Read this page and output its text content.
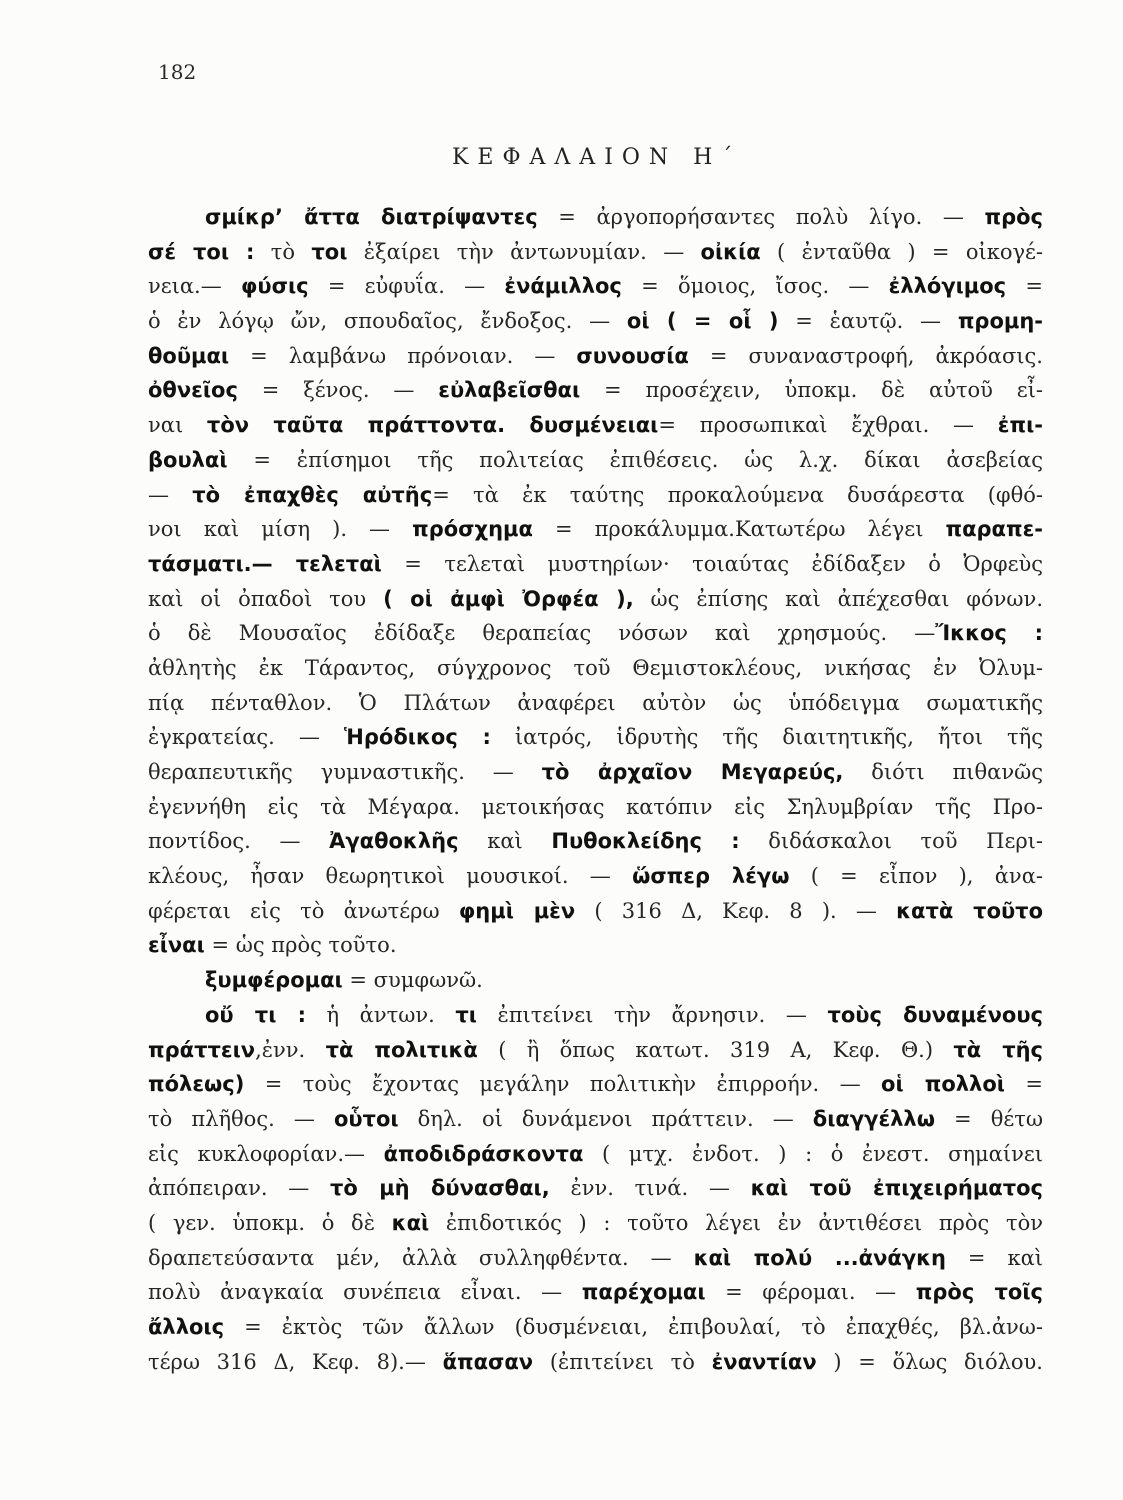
182
ΚΕΦΑΛΑΙΟΝ Η΄
σμίκρ’ ἄττα διατρίψαντες = ἀργοπορήσαντες πολὺ λίγο. — πρὸς
σέ τοι : τὸ τοι ἐξαίρει τὴν ἀντωνυμίαν. — οἰκία ( ἐνταῦθα ) = οἰκογέ-
νεια.— φύσις = εὐφυΐα. — ἐνάμιλλος = ὅμοιος, ἴσος. — ἐλλόγιμος =
ὁ ἐν λόγῳ ὤν, σπουδαῖος, ἔνδοξος. — οἱ ( = οἷ ) = ἑαυτῷ. — προμη-
θοῦμαι = λαμβάνω πρόνοιαν. — συνουσία = συναναστροφή, ἀκρόασις.
ὀθνεῖος = ξένος. — εὐλαβεῖσθαι = προσέχειν, ὑποκμ. δὲ αὐτοῦ εἶ-
ναι τὸν ταῦτα πράττοντα. δυσμένειαι= προσωπικαὶ ἔχθραι. — ἐπι-
βουλαὶ = ἐπίσημοι τῆς πολιτείας ἐπιθέσεις. ὡς λ.χ. δίκαι ἀσεβείας
— τὸ ἐπαχθὲς αὐτῆς= τὰ ἐκ ταύτης προκαλούμενα δυσάρεστα (φθό-
νοι καὶ μίση ). — πρόσχημα = προκάλυμμα.Κατωτέρω λέγει παραπε-
τάσματι.— τελεταὶ = τελεταὶ μυστηρίων· τοιαύτας ἐδίδαξεν ὁ Ὀρφεὺς
καὶ οἱ ὀπαδοὶ του ( οἱ ἀμφὶ Ὀρφέα ), ὡς ἐπίσης καὶ ἀπέχεσθαι φόνων.
ὁ δὲ Μουσαῖος ἐδίδαξε θεραπείας νόσων καὶ χρησμούς. —Ἴκκος :
ἀθλητὴς ἐκ Τάραντος, σύγχρονος τοῦ Θεμιστοκλέους, νικήσας ἐν Ὀλυμ-
πίᾳ πένταθλον. Ὁ Πλάτων ἀναφέρει αὐτὸν ὡς ὑπόδειγμα σωματικῆς
ἐγκρατείας. — Ἡρόδικος : ἰατρός, ἱδρυτὴς τῆς διαιτητικῆς, ἤτοι τῆς
θεραπευτικῆς γυμναστικῆς. — τὸ ἀρχαῖον Μεγαρεύς, διότι πιθανῶς
ἐγεννήθη εἰς τὰ Μέγαρα. μετοικήσας κατόπιν εἰς Σηλυμβρίαν τῆς Προ-
ποντίδος. — Ἀγαθοκλῆς καὶ Πυθοκλείδης : διδάσκαλοι τοῦ Περι-
κλέους, ἦσαν θεωρητικοὶ μουσικοί. — ὥσπερ λέγω ( = εἶπον ), ἀνα-
φέρεται εἰς τὸ ἀνωτέρω φημὶ μὲν ( 316 Δ, Κεφ. 8 ). — κατὰ τοῦτο
εἶναι = ὡς πρὸς τοῦτο.
ξυμφέρομαι = συμφωνῶ.
οὔ τι : ἡ ἀντων. τι ἐπιτείνει τὴν ἄρνησιν. — τοὺς δυναμένους
πράττειν,ἐνν. τὰ πολιτικὰ ( ἢ ὅπως κατωτ. 319 Α, Κεφ. Θ.) τὰ τῆς
πόλεως) = τοὺς ἔχοντας μεγάλην πολιτικὴν ἐπιρροήν. — οἱ πολλοὶ =
τὸ πλῆθος. — οὗτοι δηλ. οἱ δυνάμενοι πράττειν. — διαγγέλλω = θέτω
εἰς κυκλοφορίαν.— ἀποδιδράσκοντα ( μτχ. ἐνδοτ. ) : ὁ ἐνεστ. σημαίνει
ἀπόπειραν. — τὸ μὴ δύνασθαι, ἐνν. τινά. — καὶ τοῦ ἐπιχειρήματος
( γεν. ὑποκμ. ὁ δὲ καὶ ἐπιδοτικός ) : τοῦτο λέγει ἐν ἀντιθέσει πρὸς τὸν
δραπετεύσαντα μέν, ἀλλὰ συλληφθέντα. — καὶ πολύ ...ἀνάγκη = καὶ
πολὺ ἀναγκαία συνέπεια εἶναι. — παρέχομαι = φέρομαι. — πρὸς τοῖς
ἄλλοις = ἐκτὸς τῶν ἄλλων (δυσμένειαι, ἐπιβουλαί, τὸ ἐπαχθές, βλ.ἀνω-
τέρω 316 Δ, Κεφ. 8).— ἅπασαν (ἐπιτείνει τὸ ἐναντίαν ) = ὅλως διόλου.
